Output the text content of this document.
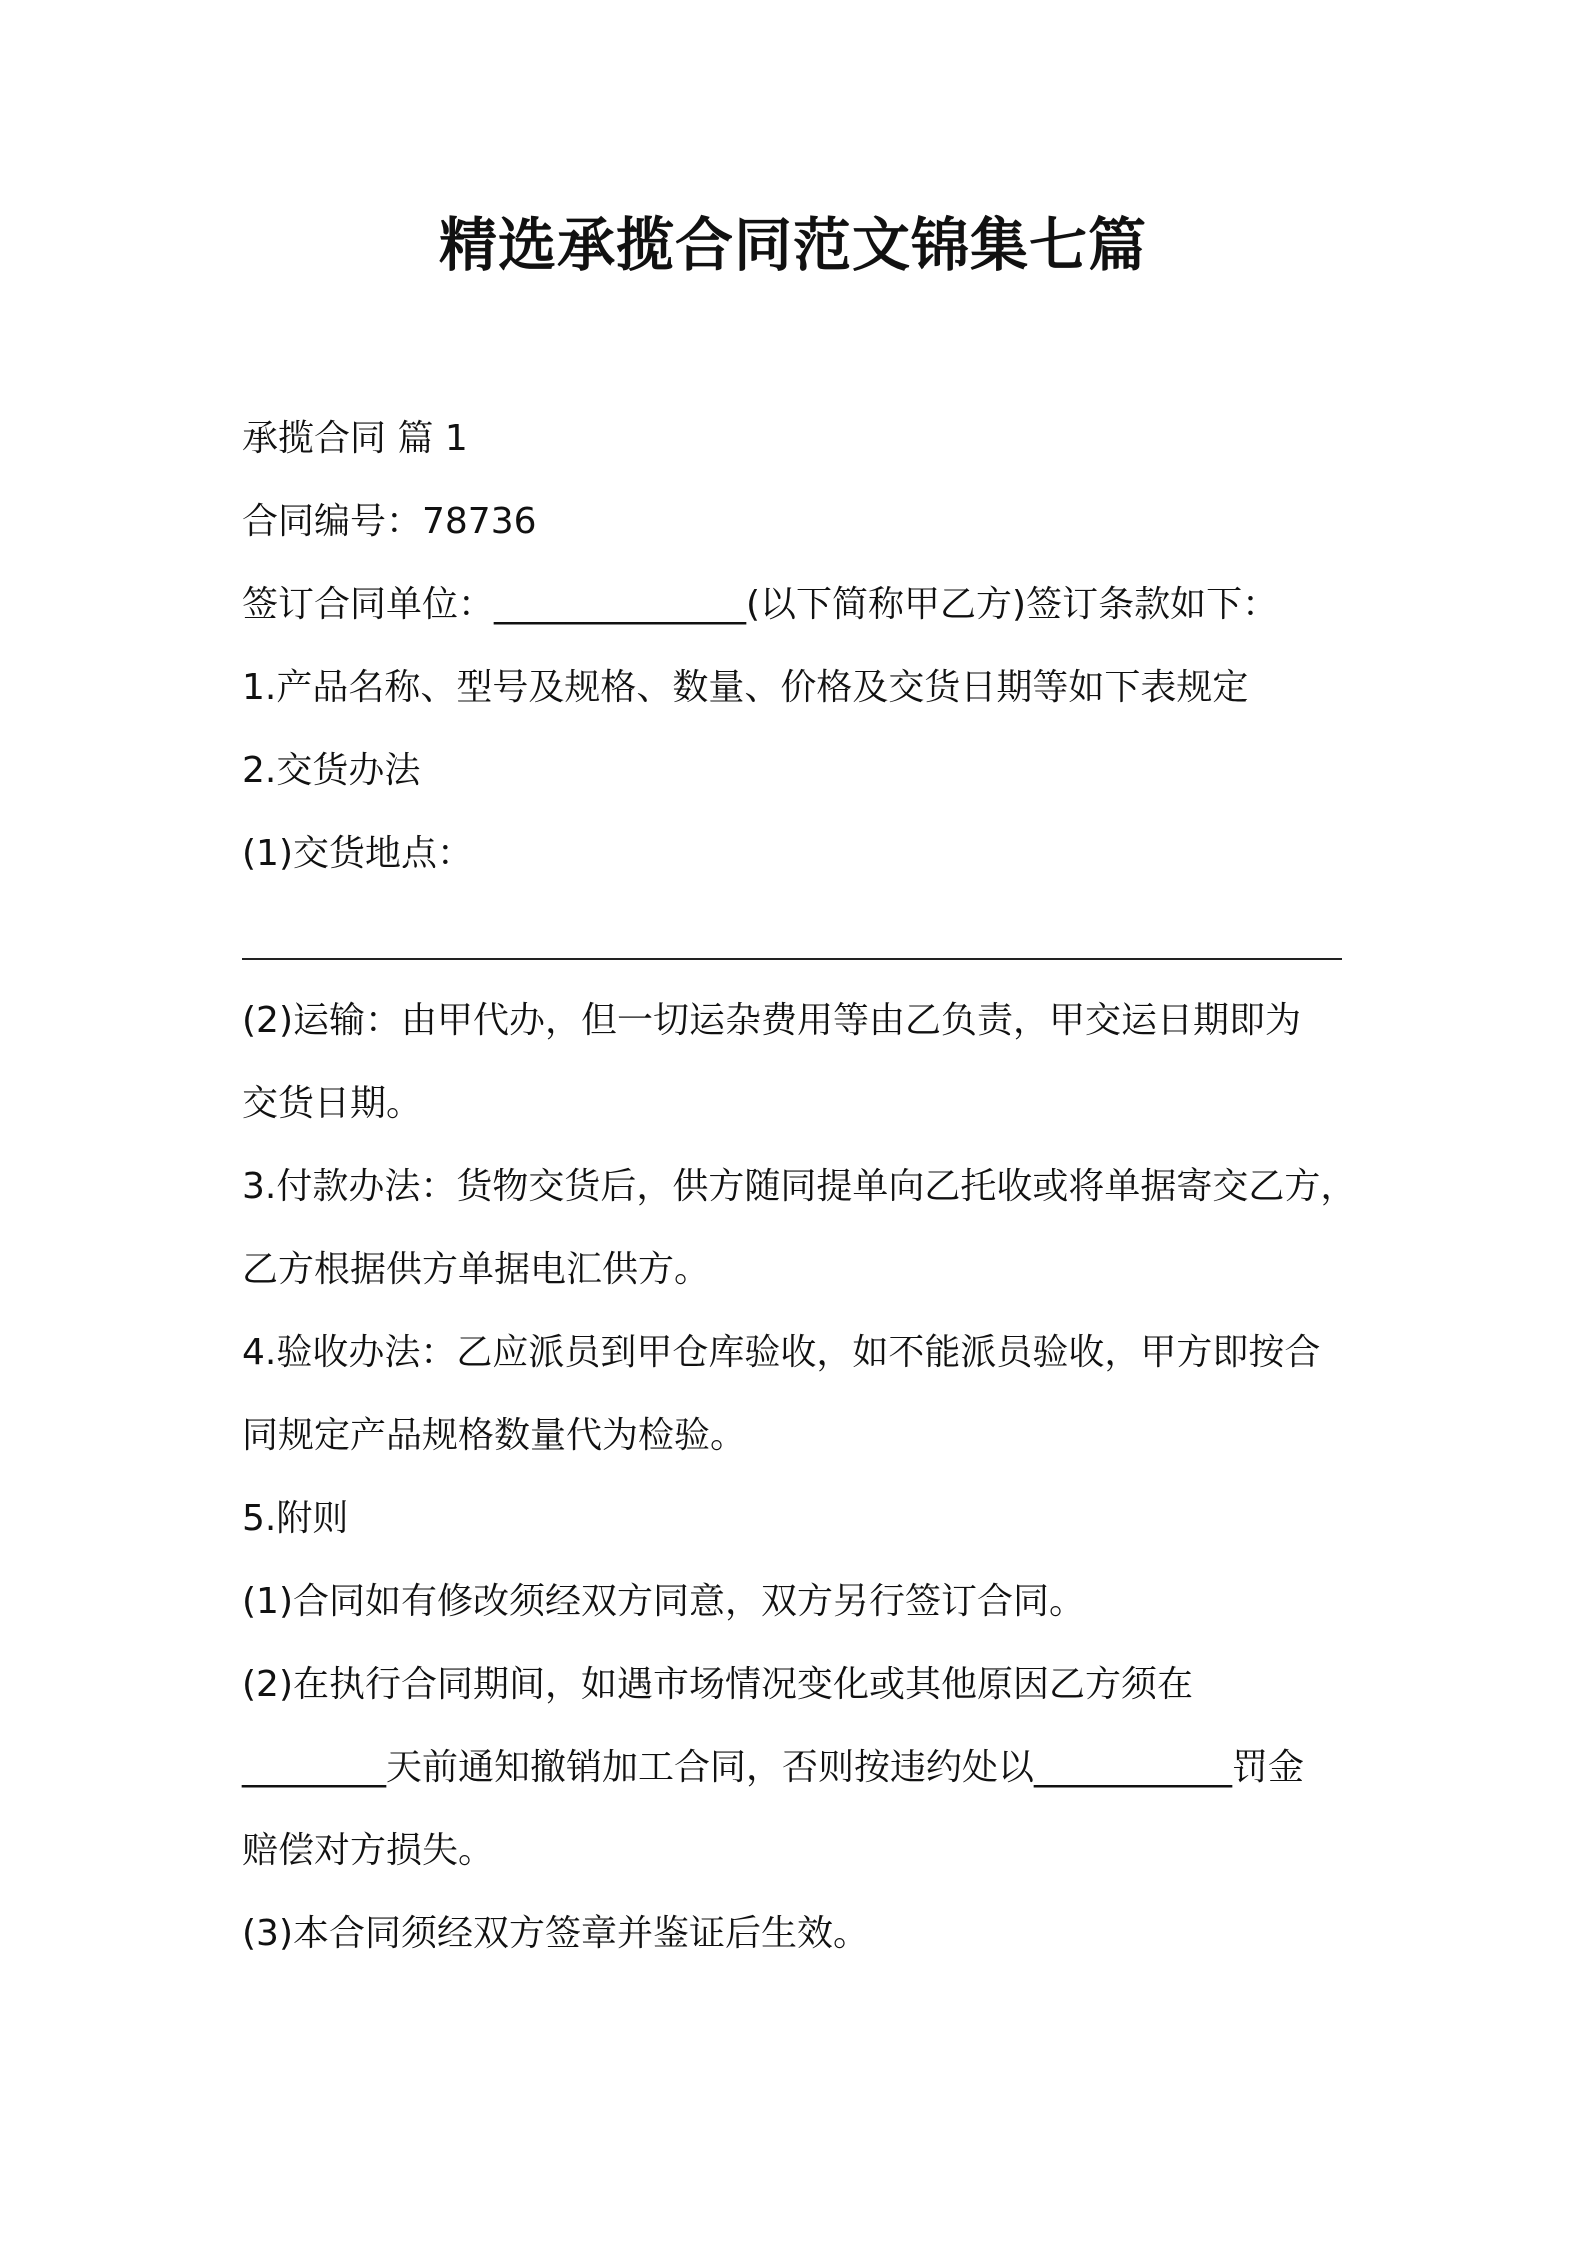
精选承揽合同范文锦集七篇
承揽合同 篇 1
合同编号：78736
签订合同单位：______________(以下简称甲乙方)签订条款如下：
1.产品名称、型号及规格、数量、价格及交货日期等如下表规定
2.交货办法
(1)交货地点：
(2)运输：由甲代办，但一切运杂费用等由乙负责，甲交运日期即为
交货日期。
3.付款办法：货物交货后，供方随同提单向乙托收或将单据寄交乙方，
乙方根据供方单据电汇供方。
4.验收办法：乙应派员到甲仓库验收，如不能派员验收，甲方即按合
同规定产品规格数量代为检验。
5.附则
(1)合同如有修改须经双方同意，双方另行签订合同。
(2)在执行合同期间，如遇市场情况变化或其他原因乙方须在
________天前通知撤销加工合同，否则按违约处以___________罚金
赔偿对方损失。
(3)本合同须经双方签章并鉴证后生效。
